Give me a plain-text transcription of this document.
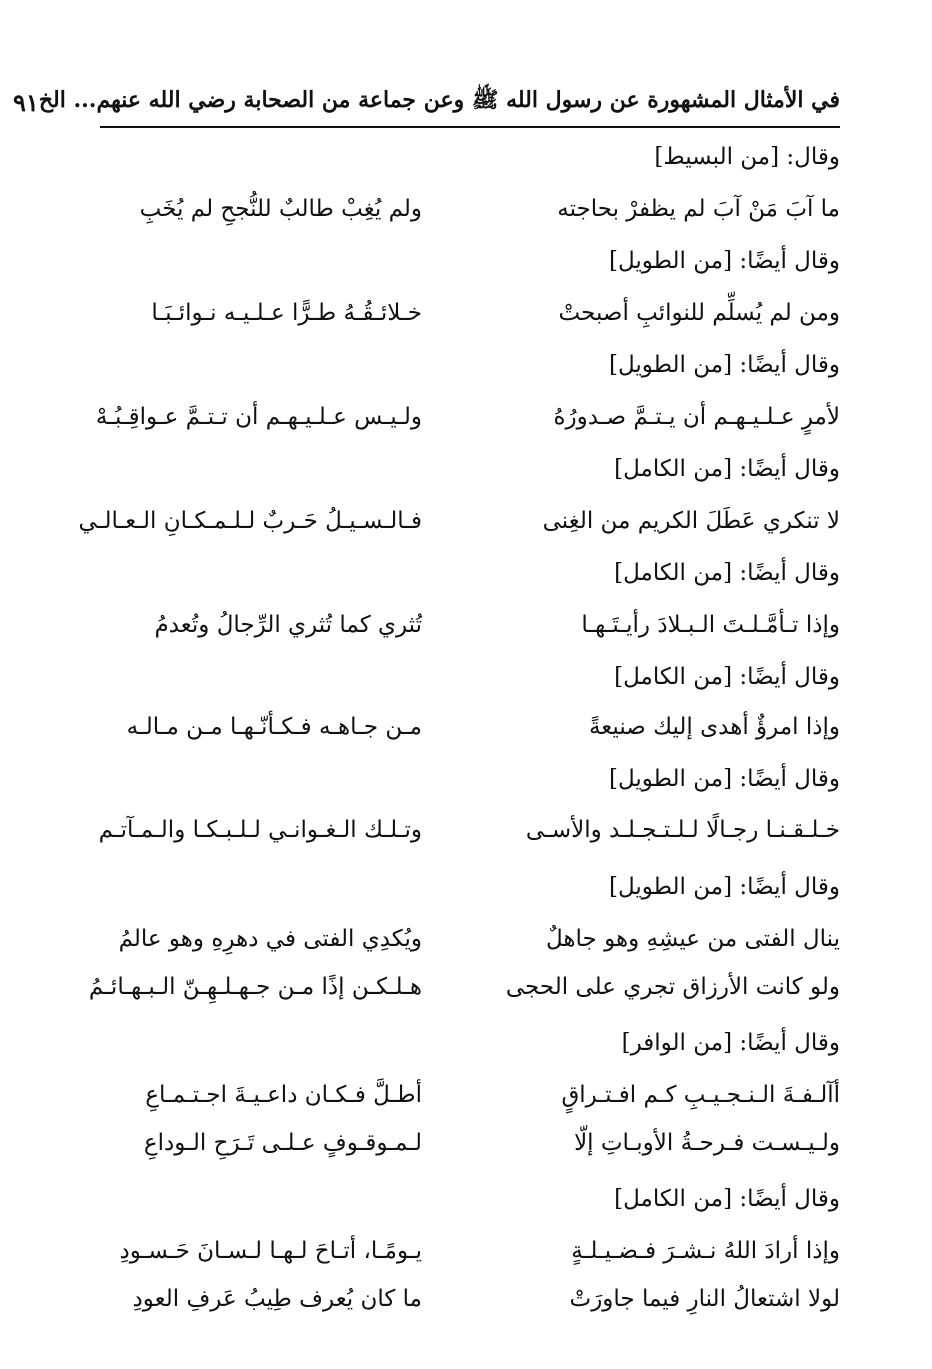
في الأمثال المشهورة عن رسول الله ﷺ وعن جماعة من الصحابة رضي الله عنهم... الخ
٩١
وقال: [من البسيط]
ما آبَ مَنْ آبَ لم يظفرْ بحاجته
ولم يُغِبْ طالبٌ للنُّجحِ لم يُخَبِ
وقال أيضًا: [من الطويل]
ومن لم يُسلِّم للنوائبِ أصبحتْ
خـلائـقُـهُ طـرًّا عـلـيـه نـوائـبَـا
وقال أيضًا: [من الطويل]
لأمرٍ عـلـيـهـم أن يـتـمَّ صـدورُهُ
ولـيـس عـلـيـهـم أن تـتـمَّ عـواقِـبُـهْ
وقال أيضًا: [من الكامل]
لا تنكري عَطَلَ الكريم من الغِنى
فـالـسـيـلُ حَـربٌ لـلـمـكـانِ الـعـالـي
وقال أيضًا: [من الكامل]
وإذا تـأمَّـلـتَ الـبـلادَ رأيـتَـهـا
تُثري كما تُثري الرِّجالُ وتُعدمُ
وقال أيضًا: [من الكامل]
وإذا امرؤٌ أهدى إليك صنيعةً
مـن جـاهـه فـكـأنّـهـا مـن مـالـه
وقال أيضًا: [من الطويل]
خـلـقـنـا رجـالًا لـلـتـجـلـد والأسـى
وتـلـك الـغـوانـي لـلـبـكـا والـمـآتـم
وقال أيضًا: [من الطويل]
ينال الفتى من عيشِهِ وهو جاهلٌ
ويُكدِي الفتى في دهرِهِ وهو عالمُ
ولو كانت الأرزاق تجري على الحجى
هـلـكـن إذًا مـن جـهـلـهِـنّ الـبـهـائـمُ
وقال أيضًا: [من الوافر]
أآلـفـةَ الـنـجـيـبِ كـم افـتـراقٍ
أطـلَّ فـكـان داعـيـةَ اجـتـمـاعِ
ولـيـسـت فـرحـةُ الأوبـاتِ إلّا
لـمـوقـوفٍ عـلـى تَـرَحِ الـوداعِ
وقال أيضًا: [من الكامل]
وإذا أرادَ اللهُ نـشـرَ فـضـيـلـةٍ
يـومًـا، أتـاحَ لـهـا لـسـانَ حَـسـودِ
لولا اشتعالُ النارِ فيما جاورَتْ
ما كان يُعرف طِيبُ عَرفِ العودِ
